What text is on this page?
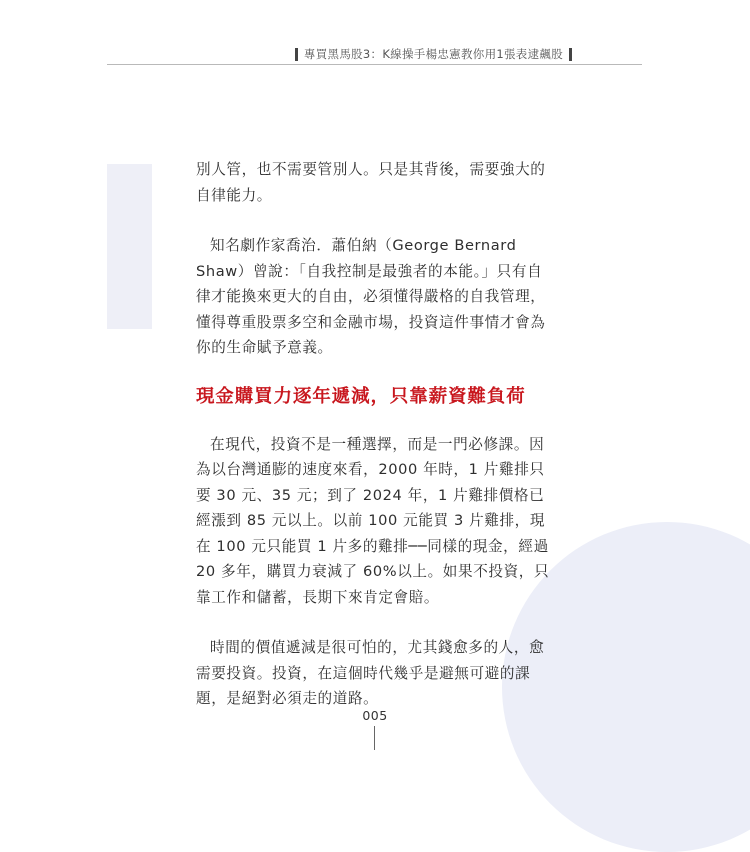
專買黑馬股3：K線操手楊忠憲教你用1張表逮飆股

別人管，也不需要管別人。只是其背後，需要強大的自律能力。

知名劇作家喬治．蕭伯納（George Bernard Shaw）曾說：「自我控制是最強者的本能。」只有自律才能換來更大的自由，必須懂得嚴格的自我管理，懂得尊重股票多空和金融市場，投資這件事情才會為你的生命賦予意義。

現金購買力逐年遞減，只靠薪資難負荷

在現代，投資不是一種選擇，而是一門必修課。因為以台灣通膨的速度來看，2000 年時，1 片雞排只要 30 元、35 元；到了 2024 年，1 片雞排價格已經漲到 85 元以上。以前 100 元能買 3 片雞排，現在 100 元只能買 1 片多的雞排──同樣的現金，經過 20 多年，購買力衰減了 60%以上。如果不投資，只靠工作和儲蓄，長期下來肯定會賠。

時間的價值遞減是很可怕的，尤其錢愈多的人，愈需要投資。投資，在這個時代幾乎是避無可避的課題，是絕對必須走的道路。

005
